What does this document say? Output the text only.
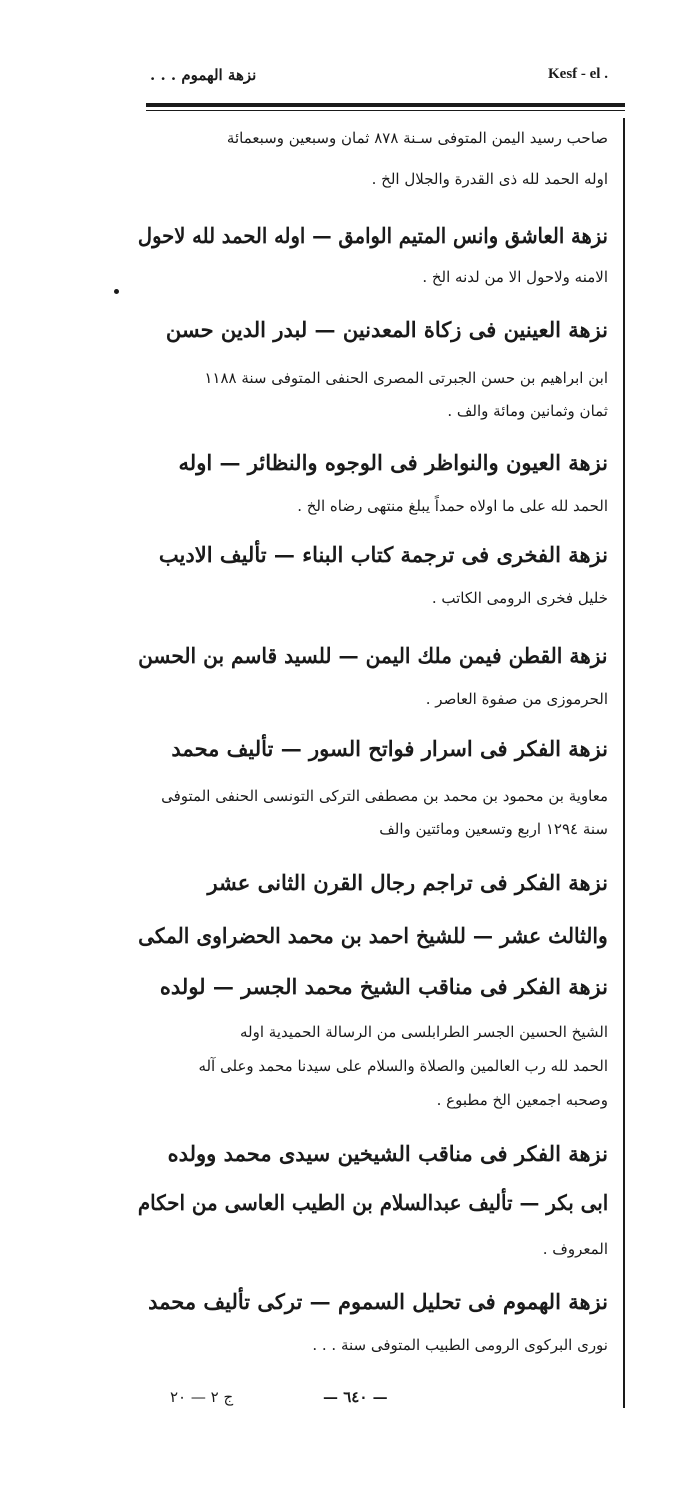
نزهة الهموم . . .	Kesf - el .
صاحب رسيد اليمن المتوفى سـنة ٨٧٨ ثمان وسبعين وسبعمائة
اوله الحمد لله ذى القدرة والجلال الخ .
نزهة العاشق وانس المتيم الوامق — اوله الحمد لله لاحول
الامنه ولاحول الا من لدنه الخ .
نزهة العينين فى زكاة المعدنين — لبدر الدين حسن
ابن ابراهيم بن حسن الجبرتى المصرى الحنفى المتوفى سنة ١١٨٨
ثمان وثمانين ومائة والف .
نزهة العيون والنواظر فى الوجوه والنظائر — اوله
الحمد لله على ما اولاه حمداً يبلغ منتهى رضاه الخ .
نزهة الفخرى فى ترجمة كتاب البناء — تأليف الاديب
خليل فخرى الرومى الكاتب .
نزهة القطن فيمن ملك اليمن — للسيد قاسم بن الحسن
الحرموزى من صفوة العاصر .
نزهة الفكر فى اسرار فواتح السور — تأليف محمد
معاوية بن محمود بن محمد بن مصطفى التركى التونسى الحنفى المتوفى
سنة ١٢٩٤ اربع وتسعين ومائتين والف
نزهة الفكر فى تراجم رجال القرن الثانى عشر
والثالث عشر — للشيخ احمد بن محمد الحضراوى المكى
نزهة الفكر فى مناقب الشيخ محمد الجسر — لولده
الشيخ الحسين الجسر الطرابلسى من الرسالة الحميدية اوله
الحمد لله رب العالمين والصلاة والسلام على سيدنا محمد وعلى آله
وصحبه اجمعين الخ مطبوع .
نزهة الفكر فى مناقب الشيخين سيدى محمد وولده
ابى بكر — تأليف عبدالسلام بن الطيب العاسى من احكام
المعروف .
نزهة الهموم فى تحليل السموم — تركى تأليف محمد
نورى البركوى الرومى الطبيب المتوفى سنة . . .
— ٦٤٠ —
ج ٢ — ٢٠
